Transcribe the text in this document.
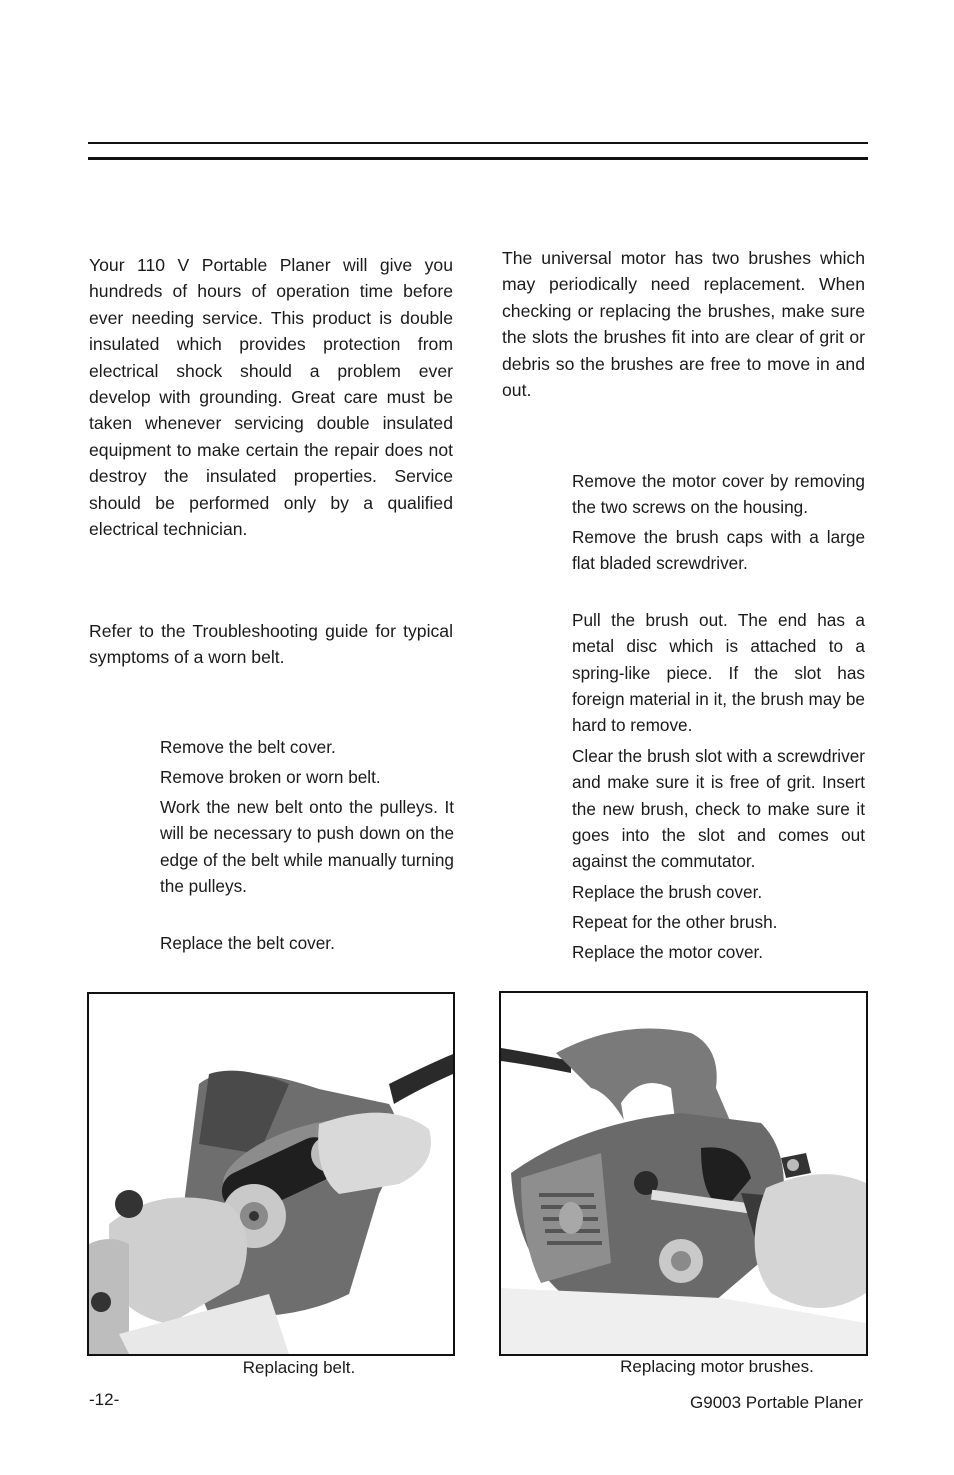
Your 110 V Portable Planer will give you hundreds of hours of operation time before ever needing service. This product is double insulated which provides protection from electrical shock should a problem ever develop with grounding. Great care must be taken whenever servicing double insulated equipment to make certain the repair does not destroy the insulated properties. Service should be performed only by a qualified electrical technician.
Refer to the Troubleshooting guide for typical symptoms of a worn belt.
Remove the belt cover.
Remove broken or worn belt.
Work the new belt onto the pulleys. It will be necessary to push down on the edge of the belt while manually turning the pulleys.
Replace the belt cover.
The universal motor has two brushes which may periodically need replacement. When checking or replacing the brushes, make sure the slots the brushes fit into are clear of grit or debris so the brushes are free to move in and out.
Remove the motor cover by removing the two screws on the housing.
Remove the brush caps with a large flat bladed screwdriver.
Pull the brush out. The end has a metal disc which is attached to a spring-like piece. If the slot has foreign material in it, the brush may be hard to remove.
Clear the brush slot with a screwdriver and make sure it is free of grit. Insert the new brush, check to make sure it goes into the slot and comes out against the commutator.
Replace the brush cover.
Repeat for the other brush.
Replace the motor cover.
Replacing belt.	Replacing motor brushes.
-12-	G9003 Portable Planer
